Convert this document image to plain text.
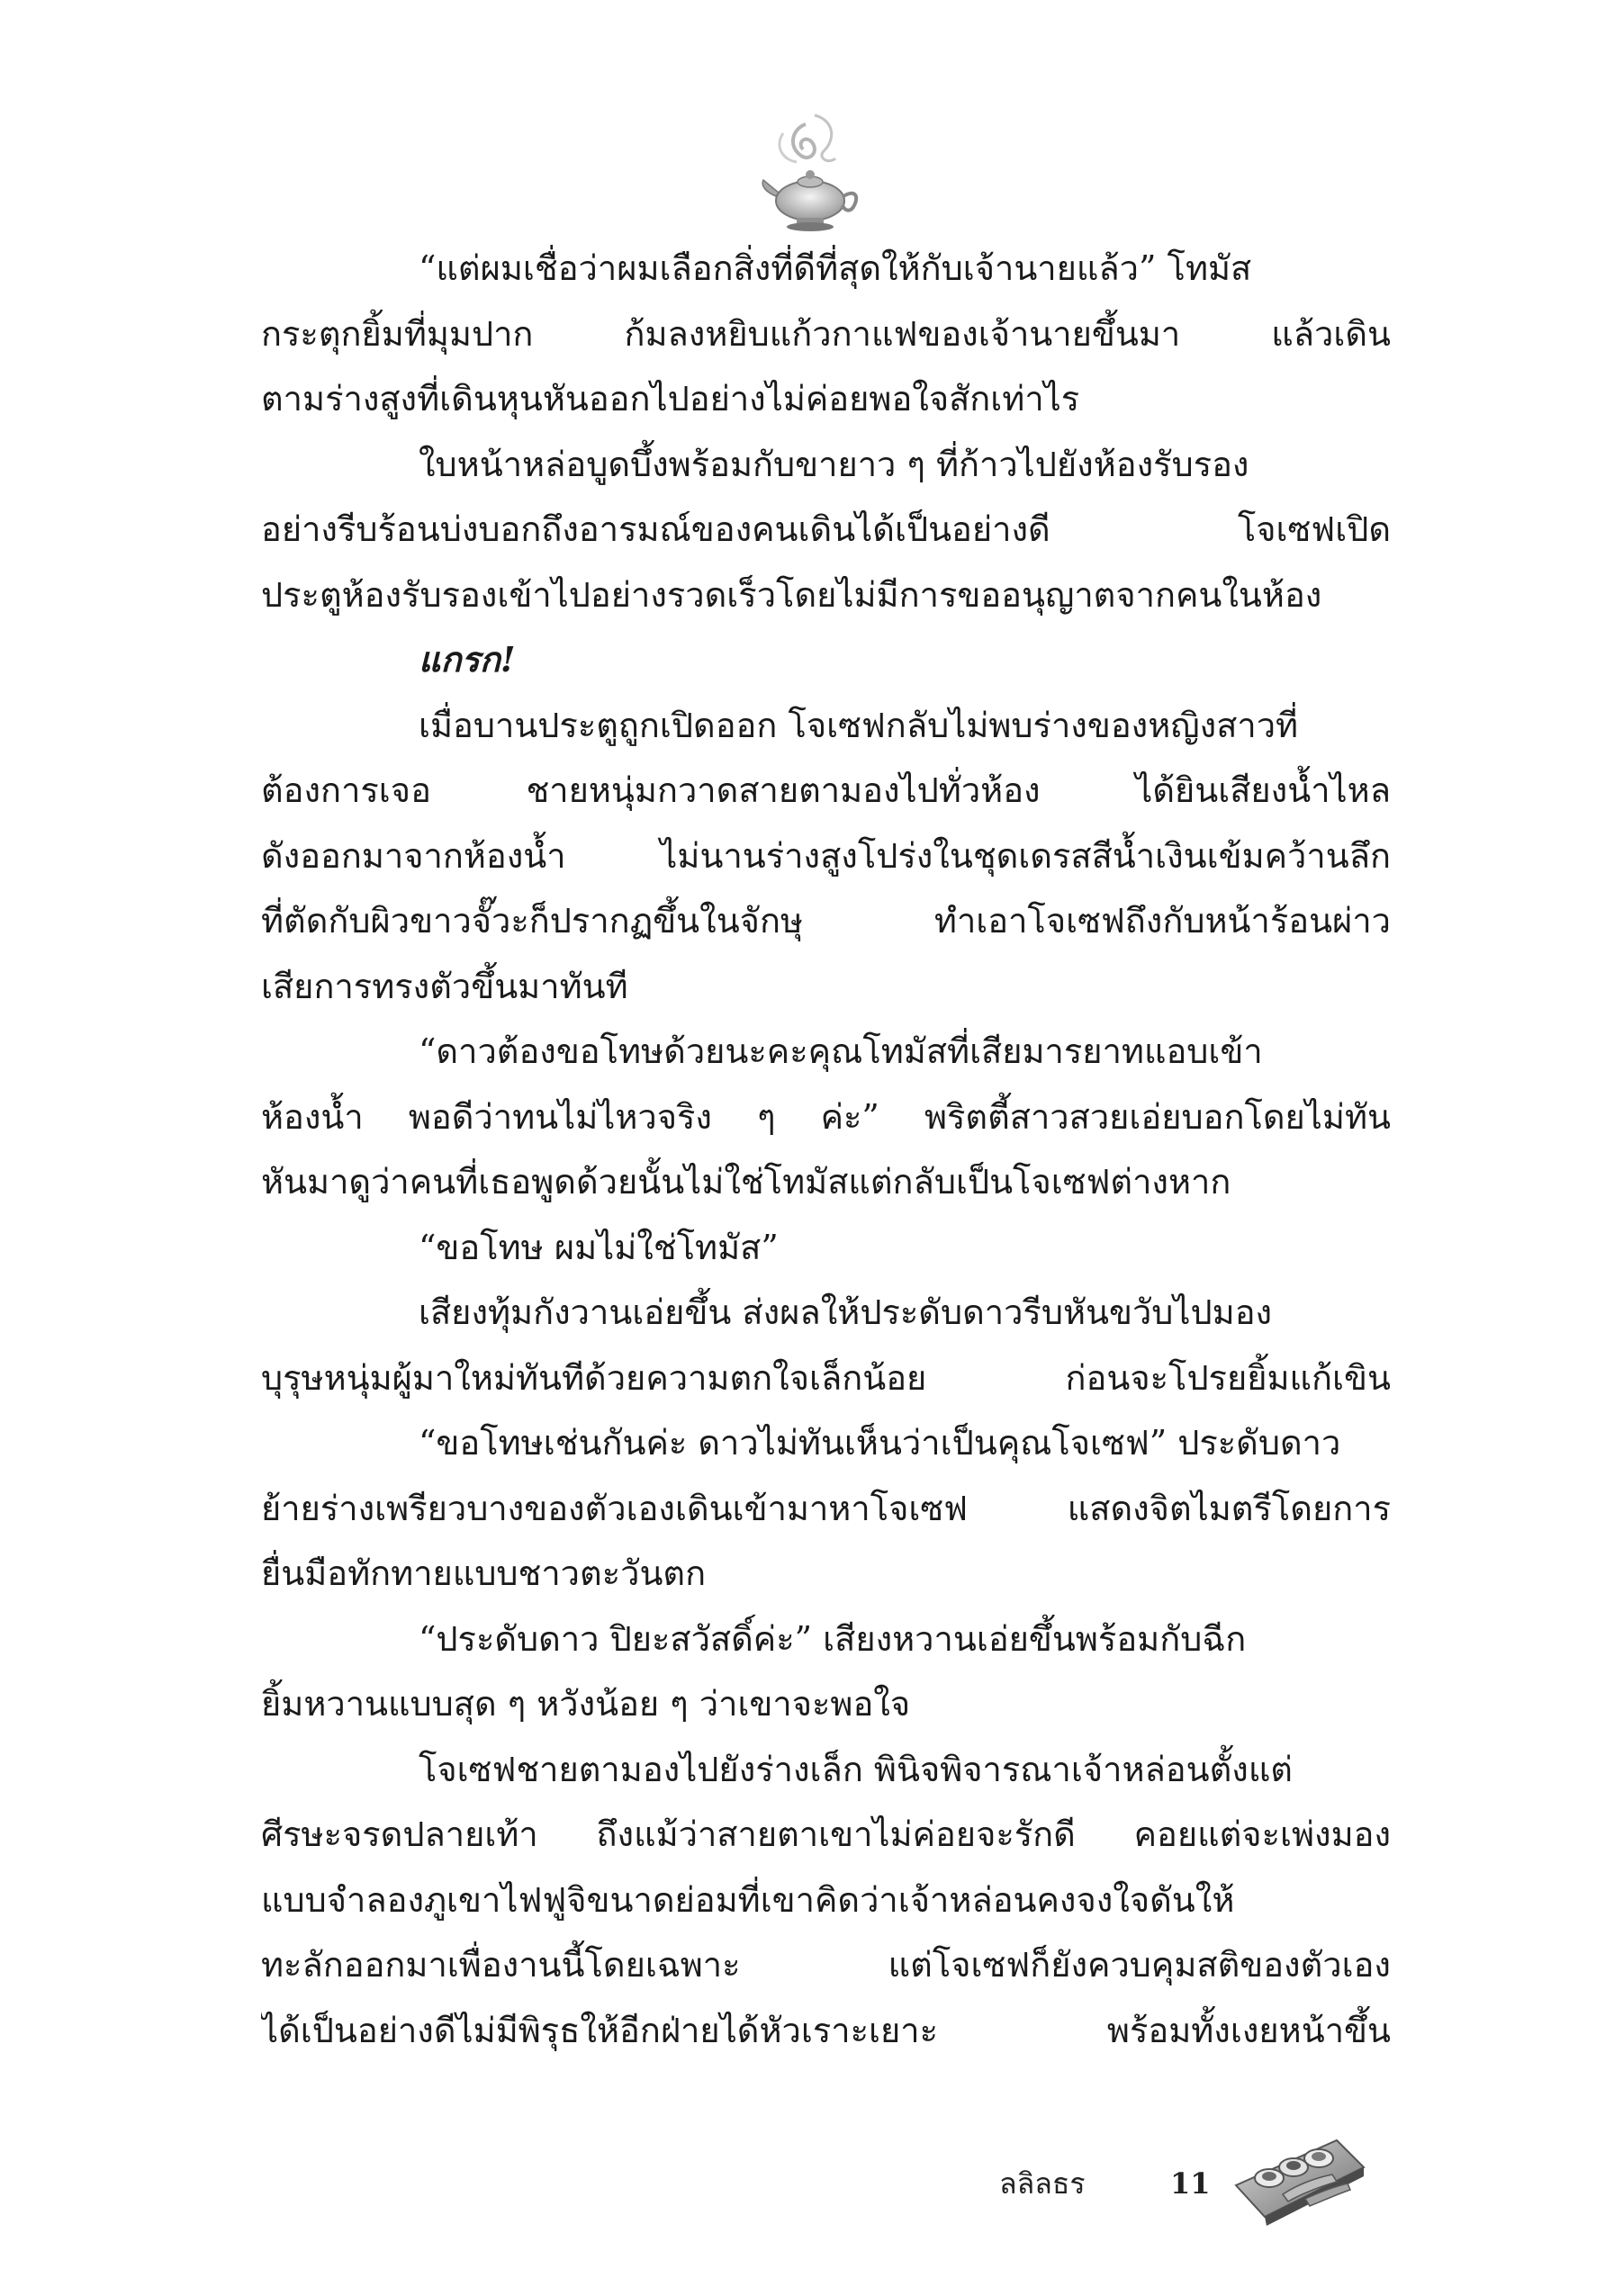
“แต่ผมเชื่อว่าผมเลือกสิ่งที่ดีที่สุดให้กับเจ้านายแล้ว” โทมัส
กระตุกยิ้มที่มุมปาก ก้มลงหยิบแก้วกาแฟของเจ้านายขึ้นมา แล้วเดิน
ตามร่างสูงที่เดินหุนหันออกไปอย่างไม่ค่อยพอใจสักเท่าไร
ใบหน้าหล่อบูดบึ้งพร้อมกับขายาว ๆ ที่ก้าวไปยังห้องรับรอง
อย่างรีบร้อนบ่งบอกถึงอารมณ์ของคนเดินได้เป็นอย่างดี โจเซฟเปิด
ประตูห้องรับรองเข้าไปอย่างรวดเร็วโดยไม่มีการขออนุญาตจากคนในห้อง
แกรก!
เมื่อบานประตูถูกเปิดออก โจเซฟกลับไม่พบร่างของหญิงสาวที่
ต้องการเจอ ชายหนุ่มกวาดสายตามองไปทั่วห้อง ได้ยินเสียงน้ำไหล
ดังออกมาจากห้องน้ำ ไม่นานร่างสูงโปร่งในชุดเดรสสีน้ำเงินเข้มคว้านลึก
ที่ตัดกับผิวขาวจั๊วะก็ปรากฏขึ้นในจักษุ ทำเอาโจเซฟถึงกับหน้าร้อนผ่าว
เสียการทรงตัวขึ้นมาทันที
“ดาวต้องขอโทษด้วยนะคะคุณโทมัสที่เสียมารยาทแอบเข้า
ห้องน้ำ พอดีว่าทนไม่ไหวจริง ๆ ค่ะ” พริตตี้สาวสวยเอ่ยบอกโดยไม่ทัน
หันมาดูว่าคนที่เธอพูดด้วยนั้นไม่ใช่โทมัสแต่กลับเป็นโจเซฟต่างหาก
“ขอโทษ ผมไม่ใช่โทมัส”
เสียงทุ้มกังวานเอ่ยขึ้น ส่งผลให้ประดับดาวรีบหันขวับไปมอง
บุรุษหนุ่มผู้มาใหม่ทันทีด้วยความตกใจเล็กน้อย ก่อนจะโปรยยิ้มแก้เขิน
“ขอโทษเช่นกันค่ะ ดาวไม่ทันเห็นว่าเป็นคุณโจเซฟ” ประดับดาว
ย้ายร่างเพรียวบางของตัวเองเดินเข้ามาหาโจเซฟ แสดงจิตไมตรีโดยการ
ยื่นมือทักทายแบบชาวตะวันตก
“ประดับดาว ปิยะสวัสดิ์ค่ะ” เสียงหวานเอ่ยขึ้นพร้อมกับฉีก
ยิ้มหวานแบบสุด ๆ หวังน้อย ๆ ว่าเขาจะพอใจ
โจเซฟชายตามองไปยังร่างเล็ก พินิจพิจารณาเจ้าหล่อนตั้งแต่
ศีรษะจรดปลายเท้า ถึงแม้ว่าสายตาเขาไม่ค่อยจะรักดี คอยแต่จะเพ่งมอง
แบบจำลองภูเขาไฟฟูจิขนาดย่อมที่เขาคิดว่าเจ้าหล่อนคงจงใจดันให้
ทะลักออกมาเพื่องานนี้โดยเฉพาะ แต่โจเซฟก็ยังควบคุมสติของตัวเอง
ได้เป็นอย่างดีไม่มีพิรุธให้อีกฝ่ายได้หัวเราะเยาะ พร้อมทั้งเงยหน้าขึ้น
ลลิลธร	11
